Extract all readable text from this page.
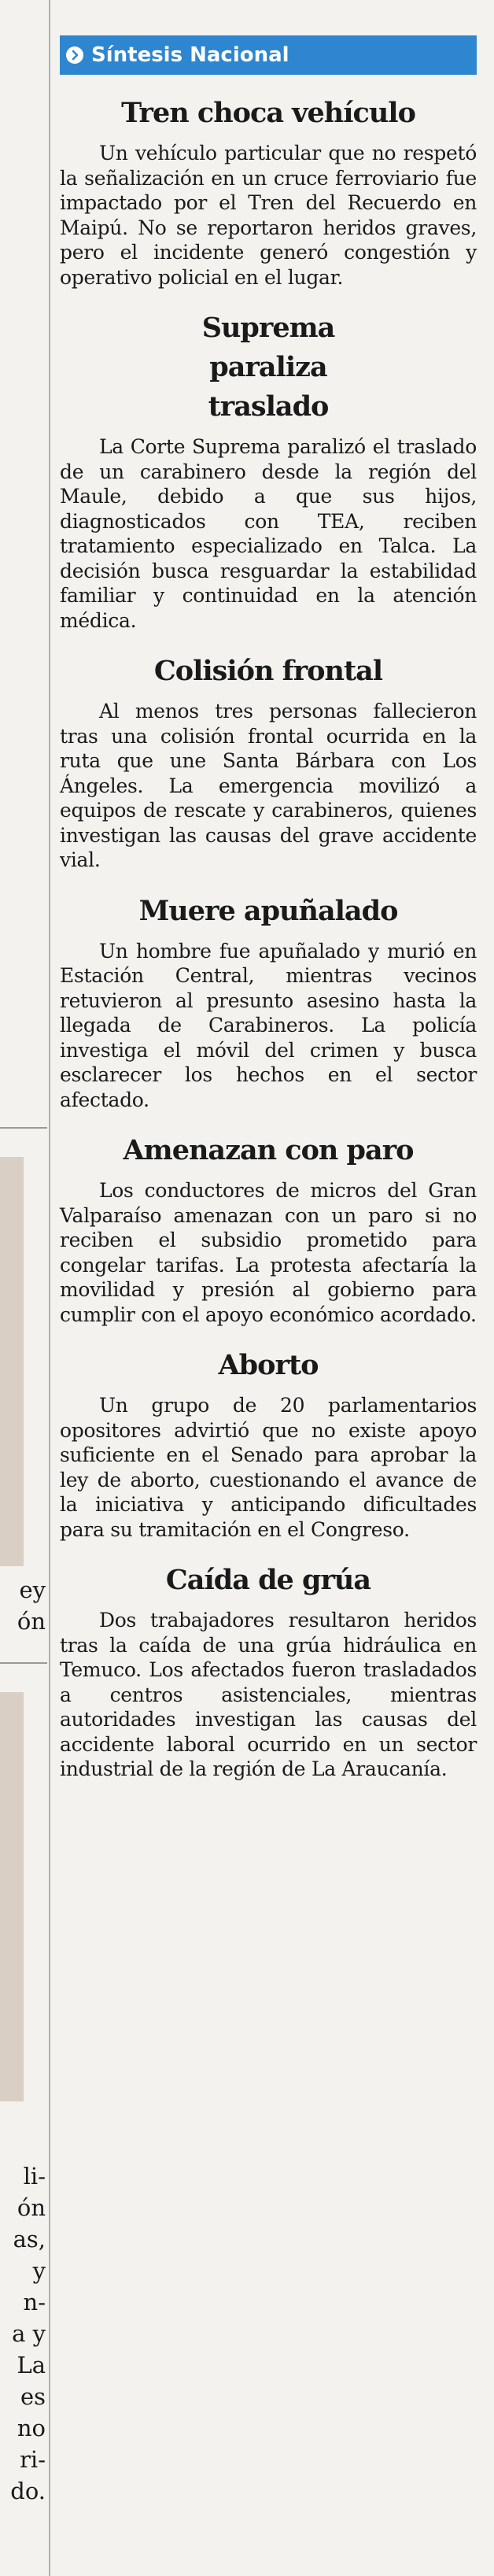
ey
ón
li-
ón
as,
y
n-
a y
La
es
no
ri-
do.
Síntesis Nacional
Tren choca vehículo

Un vehículo particular que no respetó la señalización en un cruce ferroviario fue impactado por el Tren del Recuerdo en Maipú. No se reportaron heridos graves, pero el incidente generó congestión y operativo policial en el lugar.

Suprema paraliza traslado

La Corte Suprema paralizó el traslado de un carabinero desde la región del Maule, debido a que sus hijos, diagnosticados con TEA, reciben tratamiento especializado en Talca. La decisión busca resguardar la estabilidad familiar y continuidad en la atención médica.

Colisión frontal

Al menos tres personas fallecieron tras una colisión frontal ocurrida en la ruta que une Santa Bárbara con Los Ángeles. La emergencia movilizó a equipos de rescate y carabineros, quienes investigan las causas del grave accidente vial.

Muere apuñalado

Un hombre fue apuñalado y murió en Estación Central, mientras vecinos retuvieron al presunto asesino hasta la llegada de Carabineros. La policía investiga el móvil del crimen y busca esclarecer los hechos en el sector afectado.

Amenazan con paro

Los conductores de micros del Gran Valparaíso amenazan con un paro si no reciben el subsidio prometido para congelar tarifas. La protesta afectaría la movilidad y presión al gobierno para cumplir con el apoyo económico acordado.

Aborto

Un grupo de 20 parlamentarios opositores advirtió que no existe apoyo suficiente en el Senado para aprobar la ley de aborto, cuestionando el avance de la iniciativa y anticipando dificultades para su tramitación en el Congreso.

Caída de grúa

Dos trabajadores resultaron heridos tras la caída de una grúa hidráulica en Temuco. Los afectados fueron trasladados a centros asistenciales, mientras autoridades investigan las causas del accidente laboral ocurrido en un sector industrial de la región de La Araucanía.
